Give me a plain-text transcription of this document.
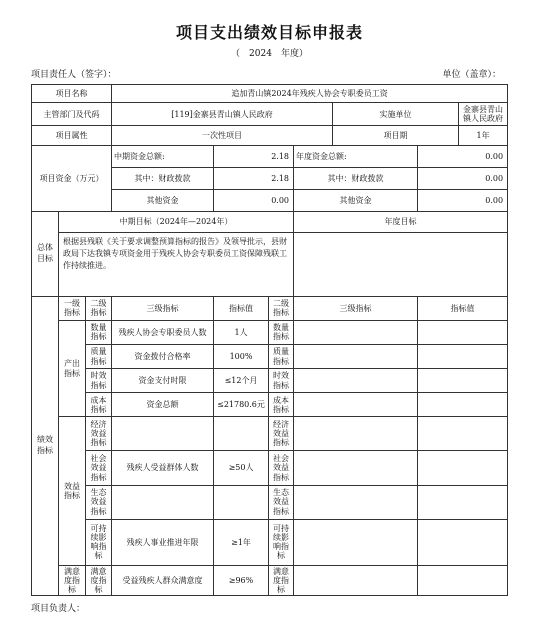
项目支出绩效目标申报表
（　2024　年度）
项目责任人（签字）：	单位（盖章）：
项目名称			追加青山镇2024年残疾人协会专职委员工资						
主管部门及代码			[119]金寨县青山镇人民政府				实施单位		金寨县青山镇人民政府
项目属性			一次性项目				项目期		1年
项目资金（万元）			中期资金总额:	2.18		年度资金总额:		0.00	
			其中：财政拨款	2.18		其中：财政拨款		0.00	
			其他资金	0.00		其他资金		0.00	
总体目标	中期目标（2024年—2024年）					年度目标			
	根据县残联《关于要求调整预算指标的报告》及领导批示，县财政局下达我镇专项资金用于残疾人协会专职委员工资保障残联工作持续推进。								
绩效指标	一级指标	二级指标	三级指标	指标值	二级指标	三级指标		指标值	
	产出指标	数量指标	残疾人协会专职委员人数	1人	数量指标				
		质量指标	资金拨付合格率	100%	质量指标				
		时效指标	资金支付时限	≤12个月	时效指标				
		成本指标	资金总额	≤21780.6元	成本指标				
	效益指标	经济效益指标			经济效益指标				
		社会效益指标	残疾人受益群体人数	≥50人	社会效益指标				
		生态效益指标			生态效益指标				
		可持续影响指标	残疾人事业推进年限	≥1年	可持续影响指标				
	满意度指标	满意度指标	受益残疾人群众满意度	≥96%	满意度指标				
项目负责人：
